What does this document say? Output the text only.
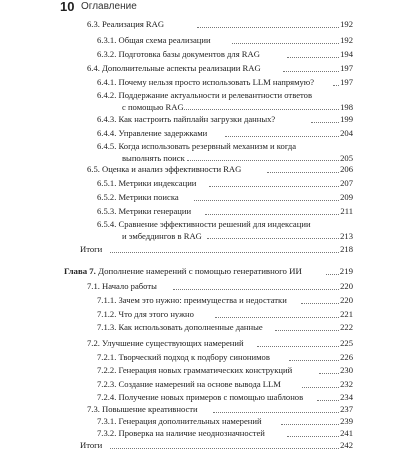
10 Оглавление
6.3. Реализация RAG	192
6.3.1. Общая схема реализации	192
6.3.2. Подготовка базы документов для RAG	194
6.4. Дополнительные аспекты реализации RAG	197
6.4.1. Почему нельзя просто использовать LLM напрямую?	197
6.4.2. Поддержание актуальности и релевантности ответов
с помощью RAG	198
6.4.3. Как настроить пайплайн загрузки данных?	199
6.4.4. Управление задержками	204
6.4.5. Когда использовать резервный механизм и когда
выполнять поиск	205
6.5. Оценка и анализ эффективности RAG	206
6.5.1. Метрики индексации	207
6.5.2. Метрики поиска	209
6.5.3. Метрики генерации	211
6.5.4. Сравнение эффективности решений для индексации
и эмбеддингов в RAG	213
Итоги	218
Глава 7. Дополнение намерений с помощью генеративного ИИ	219
7.1. Начало работы	220
7.1.1. Зачем это нужно: преимущества и недостатки	220
7.1.2. Что для этого нужно	221
7.1.3. Как использовать дополненные данные	222
7.2. Улучшение существующих намерений	225
7.2.1. Творческий подход к подбору синонимов	226
7.2.2. Генерация новых грамматических конструкций	230
7.2.3. Создание намерений на основе вывода LLM	232
7.2.4. Получение новых примеров с помощью шаблонов	234
7.3. Повышение креативности	237
7.3.1. Генерация дополнительных намерений	239
7.3.2. Проверка на наличие неоднозначностей	241
Итоги	242
